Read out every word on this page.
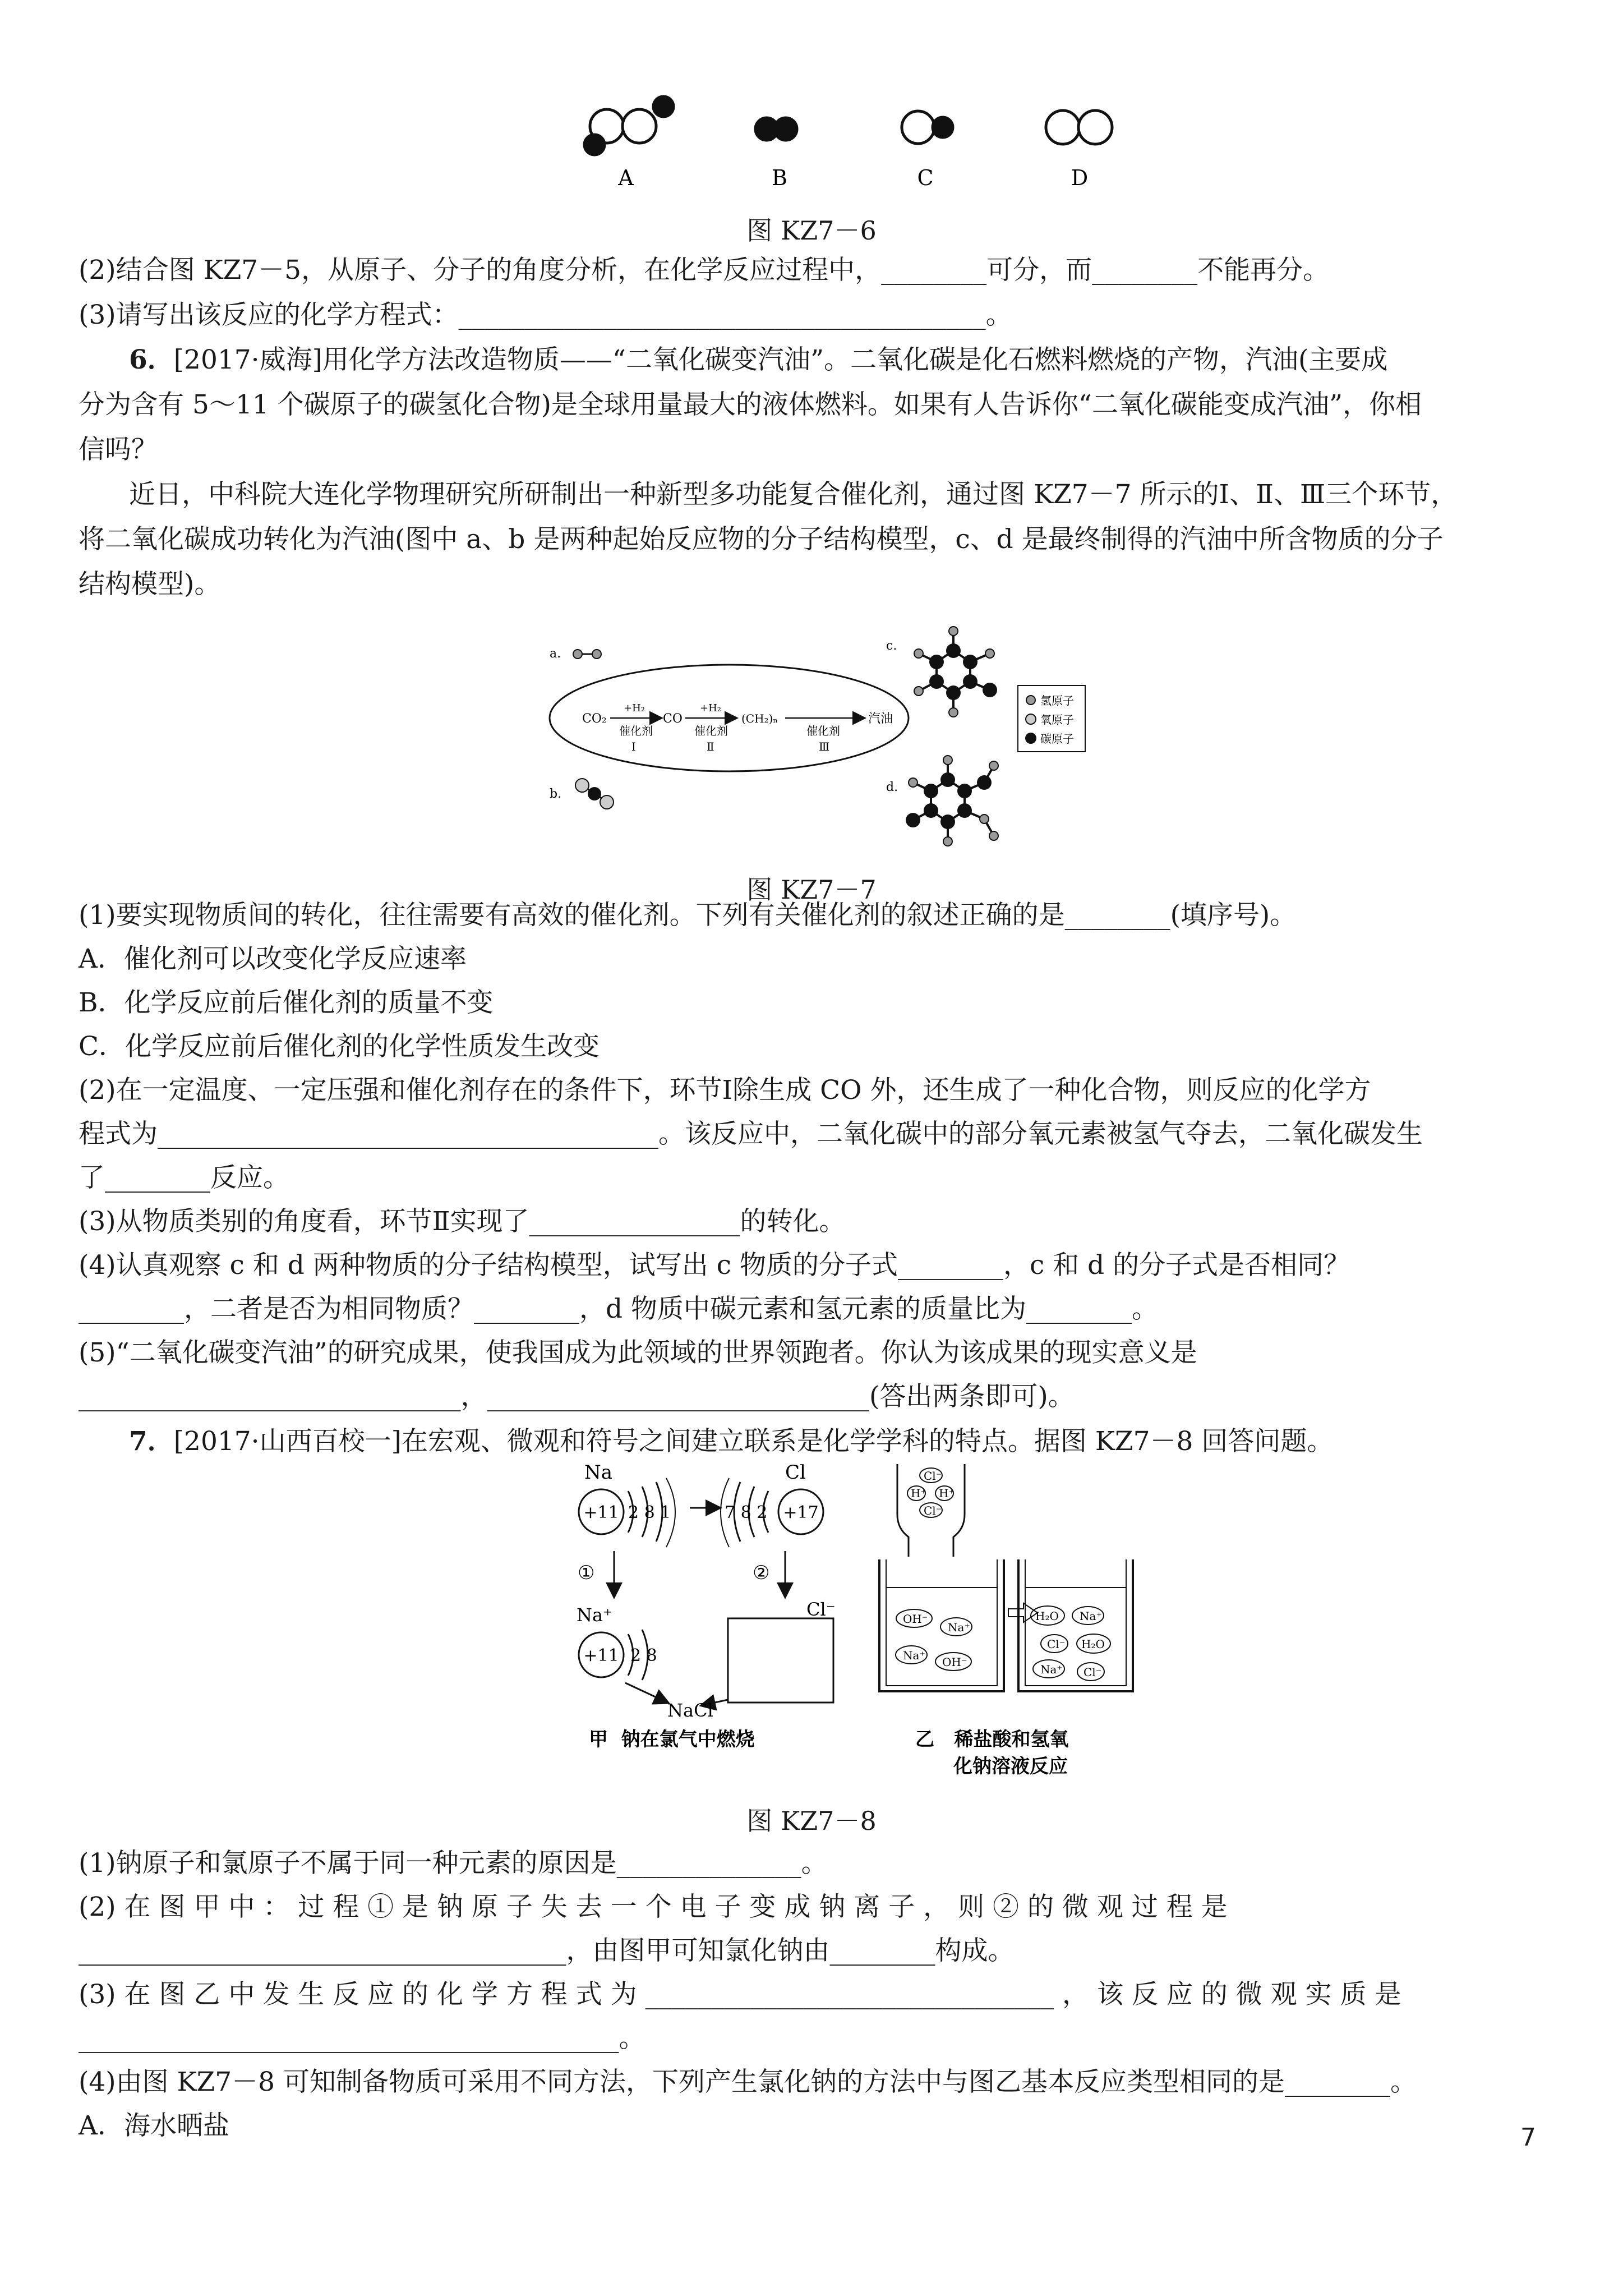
A	B	C	D
图 KZ7－6
(2)结合图 KZ7－5，从原子、分子的角度分析，在化学反应过程中，________可分，而________不能再分。
(3)请写出该反应的化学方程式：________________________________________。
6．[2017·威海]用化学方法改造物质——“二氧化碳变汽油”。二氧化碳是化石燃料燃烧的产物，汽油(主要成
分为含有 5～11 个碳原子的碳氢化合物)是全球用量最大的液体燃料。如果有人告诉你“二氧化碳能变成汽油”，你相
信吗？
近日，中科院大连化学物理研究所研制出一种新型多功能复合催化剂，通过图 KZ7－7 所示的Ⅰ、Ⅱ、Ⅲ三个环节，
将二氧化碳成功转化为汽油(图中 a、b 是两种起始反应物的分子结构模型，c、d 是最终制得的汽油中所含物质的分子
结构模型)。
a.
CO₂
+H₂
催化剂
Ⅰ
CO
+H₂
催化剂
Ⅱ
(CH₂)ₙ
催化剂
Ⅲ
汽油
b.
c.
d.
氢原子
氧原子
碳原子
图 KZ7－7
(1)要实现物质间的转化，往往需要有高效的催化剂。下列有关催化剂的叙述正确的是________(填序号)。
A．催化剂可以改变化学反应速率
B．化学反应前后催化剂的质量不变
C．化学反应前后催化剂的化学性质发生改变
(2)在一定温度、一定压强和催化剂存在的条件下，环节Ⅰ除生成 CO 外，还生成了一种化合物，则反应的化学方
程式为______________________________________。该反应中，二氧化碳中的部分氧元素被氢气夺去，二氧化碳发生
了________反应。
(3)从物质类别的角度看，环节Ⅱ实现了________________的转化。
(4)认真观察 c 和 d 两种物质的分子结构模型，试写出 c 物质的分子式________，c 和 d 的分子式是否相同？
________，二者是否为相同物质？________，d 物质中碳元素和氢元素的质量比为________。
(5)“二氧化碳变汽油”的研究成果，使我国成为此领域的世界领跑者。你认为该成果的现实意义是
_____________________________，_____________________________(答出两条即可)。
7．[2017·山西百校一]在宏观、微观和符号之间建立联系是化学学科的特点。据图 KZ7－8 回答问题。
Na
+11 2 8 1
Cl
7 8 2 +17
①	②
Na⁺
+11 2 8
Cl⁻
NaCl
甲  钠在氯气中燃烧
Cl⁻
H⁺ H⁺
Cl⁻
OH⁻
Na⁺
Na⁺ OH⁻
H₂O Na⁺
Cl⁻ H₂O
Na⁺ Cl⁻
乙   稀盐酸和氢氧
化钠溶液反应
图 KZ7－8
(1)钠原子和氯原子不属于同一种元素的原因是______________。
(2) 在 图 甲 中 ： 过 程 ① 是 钠 原 子 失 去 一 个 电 子 变 成 钠 离 子 ， 则 ② 的 微 观 过 程 是
_____________________________________，由图甲可知氯化钠由________构成。
(3) 在 图 乙 中 发 生 反 应 的 化 学 方 程 式 为 _______________________________ ， 该 反 应 的 微 观 实 质 是
_________________________________________。
(4)由图 KZ7－8 可知制备物质可采用不同方法，下列产生氯化钠的方法中与图乙基本反应类型相同的是________。
A．海水晒盐	7
